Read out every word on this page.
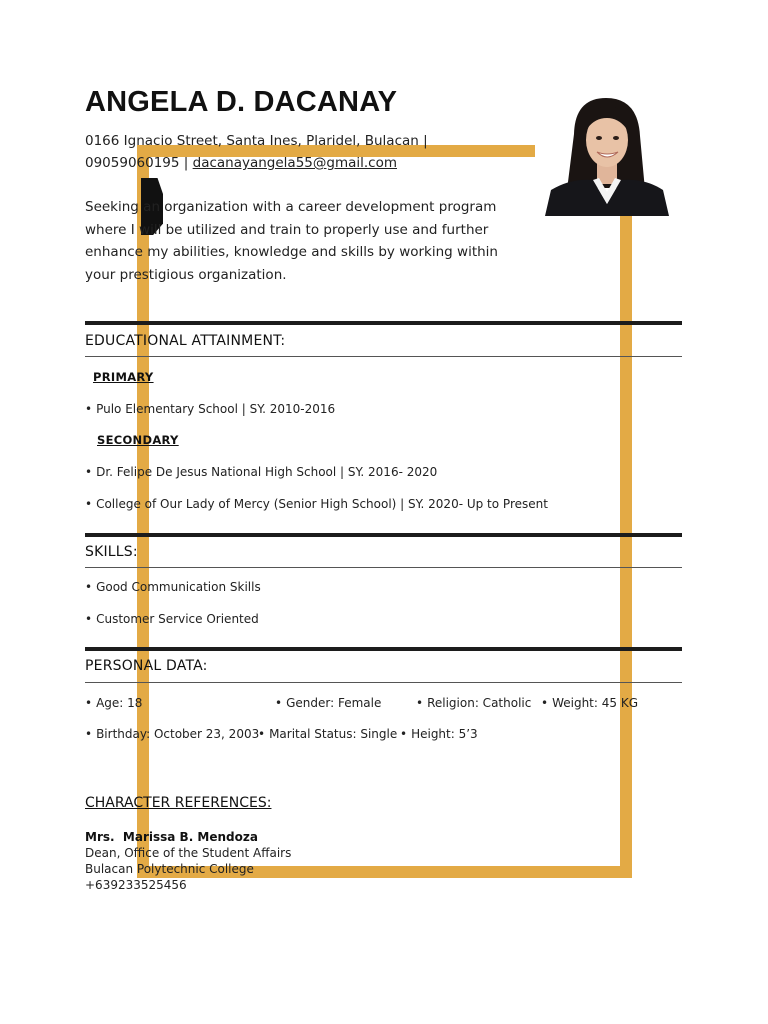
ANGELA D. DACANAY
0166 Ignacio Street, Santa Ines, Plaridel, Bulacan |
09059060195 | dacanayangela55@gmail.com
Seeking an organization with a career development program where I will be utilized and train to properly use and further enhance my abilities, knowledge and skills by working within your prestigious organization.
EDUCATIONAL ATTAINMENT:
PRIMARY
• Pulo Elementary School | SY. 2010-2016
SECONDARY
• Dr. Felipe De Jesus National High School | SY. 2016- 2020
• College of Our Lady of Mercy (Senior High School) | SY. 2020- Up to Present
SKILLS:
• Good Communication Skills
• Customer Service Oriented
PERSONAL DATA:
• Age: 18	• Gender: Female	• Religion: Catholic • Weight: 45 KG
• Birthday: October 23, 2003
• Marital Status: Single • Height: 5’3
CHARACTER REFERENCES:
Mrs.  Marissa B. Mendoza
Dean, Office of the Student Affairs
Bulacan Polytechnic College
+639233525456
